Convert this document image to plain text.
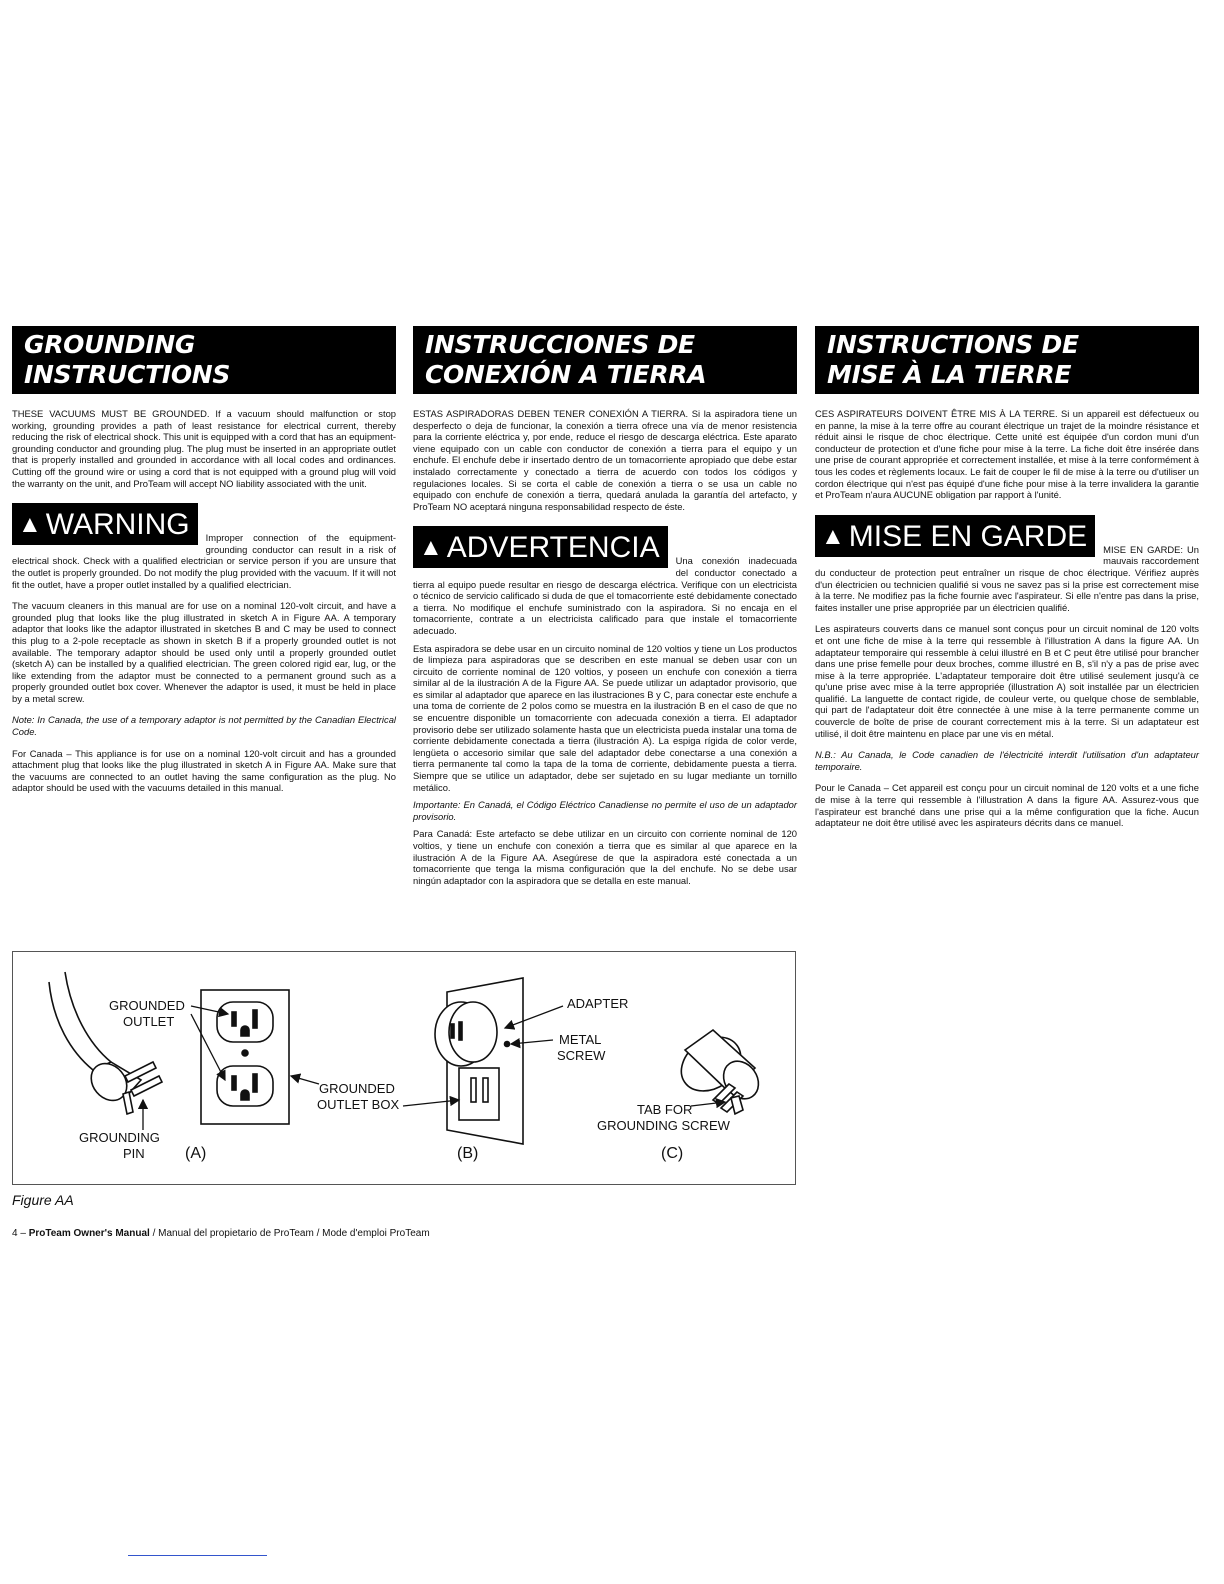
GROUNDING
INSTRUCTIONS

THESE VACUUMS MUST BE GROUNDED. If a vacuum should malfunction or stop working, grounding provides a path of least resistance for electrical current, thereby reducing the risk of electrical shock. This unit is equipped with a cord that has an equipment-grounding conductor and grounding plug. The plug must be inserted in an appropriate outlet that is properly installed and grounded in accordance with all local codes and ordinances. Cutting off the ground wire or using a cord that is not equipped with a ground plug will void the warranty on the unit, and ProTeam will accept NO liability associated with the unit.

▲ WARNING	Improper connection of the equipment-grounding conductor can result in a risk of electrical shock. Check with a qualified electrician or service person if you are unsure that the outlet is properly grounded. Do not modify the plug provided with the vacuum. If it will not fit the outlet, have a proper outlet installed by a qualified electrician.

The vacuum cleaners in this manual are for use on a nominal 120-volt circuit, and have a grounded plug that looks like the plug illustrated in sketch A in Figure AA. A temporary adaptor that looks like the adaptor illustrated in sketches B and C may be used to connect this plug to a 2-pole receptacle as shown in sketch B if a properly grounded outlet is not available. The temporary adaptor should be used only until a properly grounded outlet (sketch A) can be installed by a qualified electrician. The green colored rigid ear, lug, or the like extending from the adaptor must be connected to a permanent ground such as a properly grounded outlet box cover. Whenever the adaptor is used, it must be held in place by a metal screw.

Note: In Canada, the use of a temporary adaptor is not permitted by the Canadian Electrical Code.

For Canada – This appliance is for use on a nominal 120-volt circuit and has a grounded attachment plug that looks like the plug illustrated in sketch A in Figure AA. Make sure that the vacuums are connected to an outlet having the same configuration as the plug. No adaptor should be used with the vacuums detailed in this manual.

INSTRUCCIONES DE
CONEXIÓN A TIERRA

ESTAS ASPIRADORAS DEBEN TENER CONEXIÓN A TIERRA. Si la aspiradora tiene un desperfecto o deja de funcionar, la conexión a tierra ofrece una vía de menor resistencia para la corriente eléctrica y, por ende, reduce el riesgo de descarga eléctrica. Este aparato viene equipado con un cable con conductor de conexión a tierra para el equipo y un enchufe. El enchufe debe ir insertado dentro de un tomacorriente apropiado que debe estar instalado correctamente y conectado a tierra de acuerdo con todos los códigos y regulaciones locales. Si se corta el cable de conexión a tierra o se usa un cable no equipado con enchufe de conexión a tierra, quedará anulada la garantía del artefacto, y ProTeam NO aceptará ninguna responsabilidad respecto de éste.

▲ ADVERTENCIA	Una conexión inadecuada del conductor conectado a tierra al equipo puede resultar en riesgo de descarga eléctrica. Verifique con un electricista o técnico de servicio calificado si duda de que el tomacorriente esté debidamente conectado a tierra. No modifique el enchufe suministrado con la aspiradora. Si no encaja en el tomacorriente, contrate a un electricista calificado para que instale el tomacorriente adecuado.

Esta aspiradora se debe usar en un circuito nominal de 120 voltios y tiene un Los productos de limpieza para aspiradoras que se describen en este manual se deben usar con un circuito de corriente nominal de 120 voltios, y poseen un enchufe con conexión a tierra similar al de la ilustración A de la Figure AA. Se puede utilizar un adaptador provisorio, que es similar al adaptador que aparece en las ilustraciones B y C, para conectar este enchufe a una toma de corriente de 2 polos como se muestra en la ilustración B en el caso de que no se encuentre disponible un tomacorriente con adecuada conexión a tierra. El adaptador provisorio debe ser utilizado solamente hasta que un electricista pueda instalar una toma de corriente debidamente conectada a tierra (ilustración A). La espiga rígida de color verde, lengüeta o accesorio similar que sale del adaptador debe conectarse a una conexión a tierra permanente tal como la tapa de la toma de corriente, debidamente puesta a tierra. Siempre que se utilice un adaptador, debe ser sujetado en su lugar mediante un tornillo metálico.

Importante: En Canadá, el Código Eléctrico Canadiense no permite el uso de un adaptador provisorio.

Para Canadá: Este artefacto se debe utilizar en un circuito con corriente nominal de 120 voltios, y tiene un enchufe con conexión a tierra que es similar al que aparece en la ilustración A de la Figure AA. Asegúrese de que la aspiradora esté conectada a un tomacorriente que tenga la misma configuración que la del enchufe. No se debe usar ningún adaptador con la aspiradora que se detalla en este manual.

INSTRUCTIONS DE
MISE À LA TIERRE

CES ASPIRATEURS DOIVENT ÊTRE MIS À LA TERRE. Si un appareil est défectueux ou en panne, la mise à la terre offre au courant électrique un trajet de la moindre résistance et réduit ainsi le risque de choc électrique. Cette unité est équipée d'un cordon muni d'un conducteur de protection et d'une fiche pour mise à la terre. La fiche doit être insérée dans une prise de courant appropriée et correctement installée, et mise à la terre conformément à tous les codes et règlements locaux. Le fait de couper le fil de mise à la terre ou d'utiliser un cordon électrique qui n'est pas équipé d'une fiche pour mise à la terre invalidera la garantie et ProTeam n'aura AUCUNE obligation par rapport à l'unité.

▲ MISE EN GARDE	MISE EN GARDE: Un mauvais raccordement du conducteur de protection peut entraîner un risque de choc électrique. Vérifiez auprès d'un électricien ou technicien qualifié si vous ne savez pas si la prise est correctement mise à la terre. Ne modifiez pas la fiche fournie avec l'aspirateur. Si elle n'entre pas dans la prise, faites installer une prise appropriée par un électricien qualifié.

Les aspirateurs couverts dans ce manuel sont conçus pour un circuit nominal de 120 volts et ont une fiche de mise à la terre qui ressemble à l'illustration A dans la figure AA. Un adaptateur temporaire qui ressemble à celui illustré en B et C peut être utilisé pour brancher dans une prise femelle pour deux broches, comme illustré en B, s'il n'y a pas de prise avec mise à la terre appropriée. L'adaptateur temporaire doit être utilisé seulement jusqu'à ce qu'une prise avec mise à la terre appropriée (illustration A) soit installée par un électricien qualifié. La languette de contact rigide, de couleur verte, ou quelque chose de semblable, qui part de l'adaptateur doit être connectée à une mise à la terre permanente comme un couvercle de boîte de prise de courant correctement mis à la terre. Si un adaptateur est utilisé, il doit être maintenu en place par une vis en métal.

N.B.: Au Canada, le Code canadien de l'électricité interdit l'utilisation d'un adaptateur temporaire.

Pour le Canada – Cet appareil est conçu pour un circuit nominal de 120 volts et a une fiche de mise à la terre qui ressemble à l'illustration A dans la figure AA. Assurez-vous que l'aspirateur est branché dans une prise qui a la même configuration que la fiche. Aucun adaptateur ne doit être utilisé avec les aspirateurs décrits dans ce manuel.

GROUNDED
OUTLET
GROUNDED
OUTLET BOX
GROUNDING
PIN
ADAPTER
METAL
SCREW
TAB FOR
GROUNDING SCREW
(A)	(B)	(C)
Figure AA
4 – ProTeam Owner's Manual / Manual del propietario de ProTeam / Mode d'emploi ProTeam
